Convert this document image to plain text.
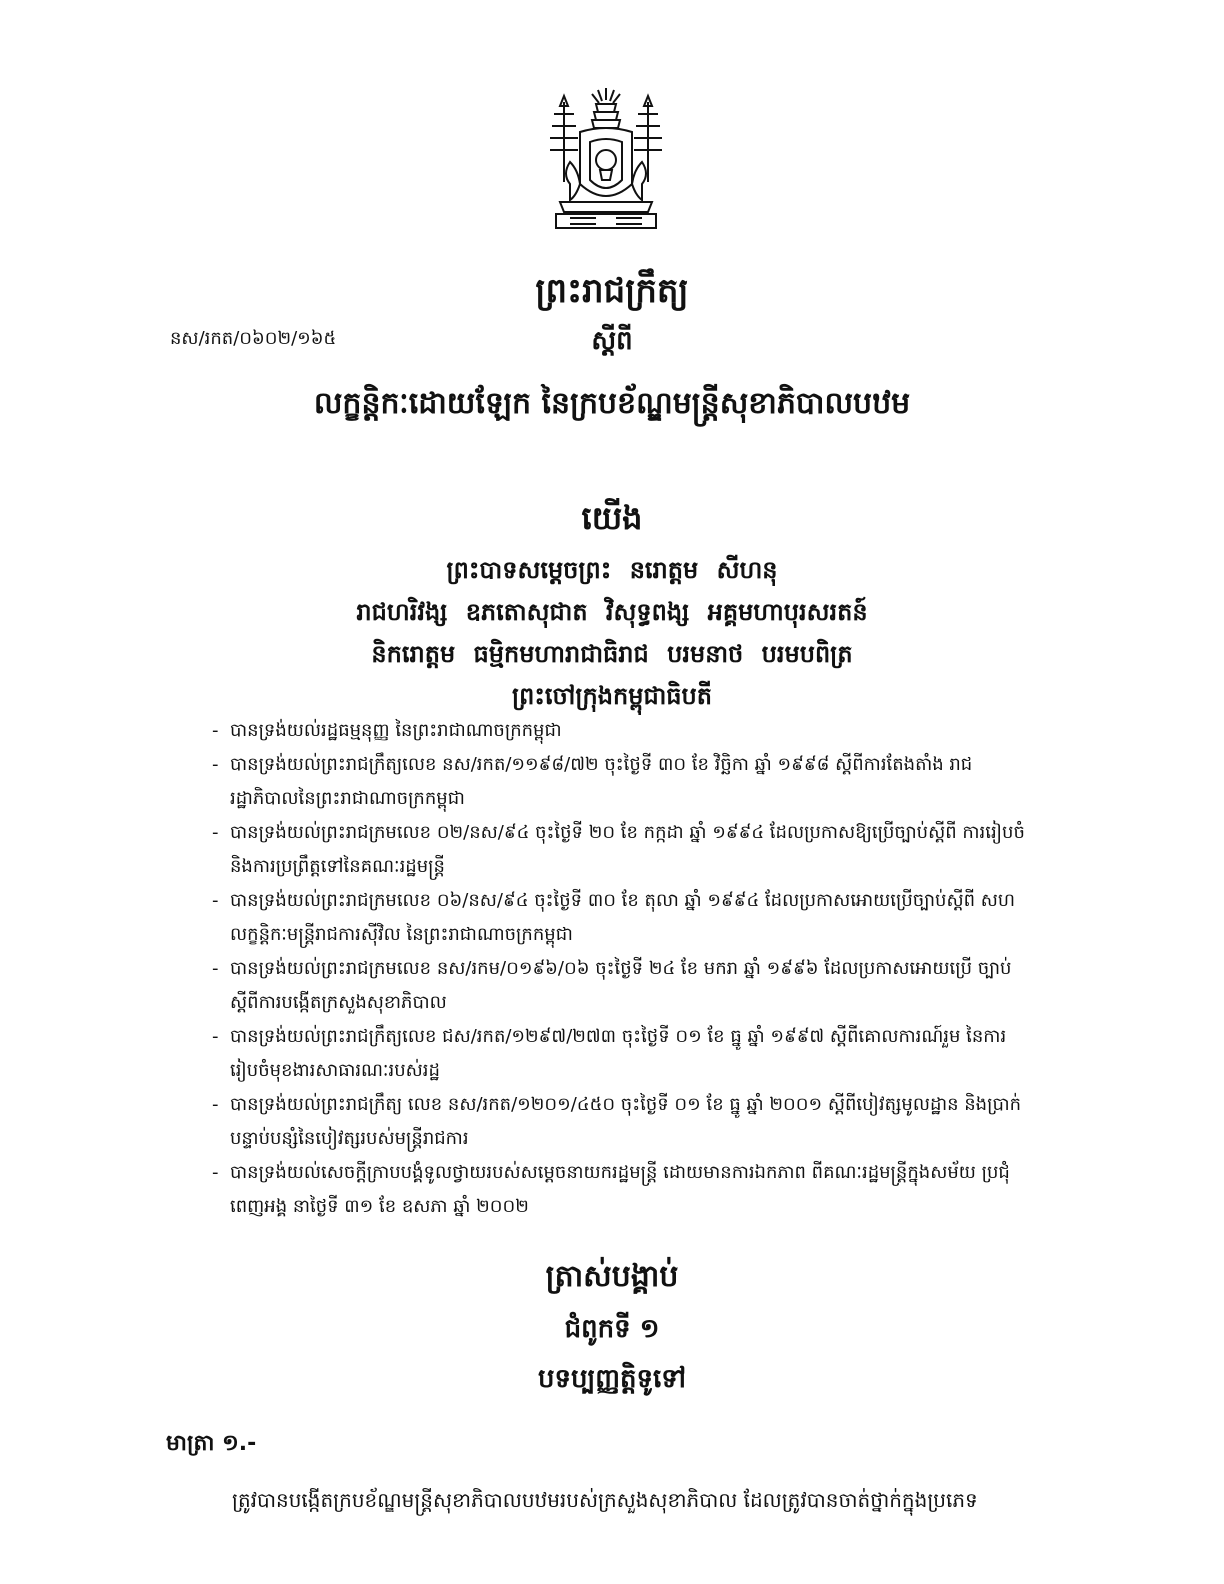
ព្រះរាជក្រឹត្យ
នស/រកត/០៦០២/១៦៥	ស្តីពី
លក្ខន្តិកៈដោយឡែក នៃក្របខ័ណ្ឌមន្ត្រីសុខាភិបាលបឋម
យើង
ព្រះបាទសម្តេចព្រះ នរោត្តម សីហនុ
រាជហរិវង្ស ឧភតោសុជាត វិសុទ្ធពង្ស អគ្គមហាបុរសរតន៍
និករោត្តម ធម្មិកមហារាជាធិរាជ បរមនាថ បរមបពិត្រ
ព្រះចៅក្រុងកម្ពុជាធិបតី
- បានទ្រង់យល់រដ្ឋធម្មនុញ្ញ នៃព្រះរាជាណាចក្រកម្ពុជា
- បានទ្រង់យល់ព្រះរាជក្រឹត្យលេខ នស/រកត/១១៩៨/៧២ ចុះថ្ងៃទី ៣០ ខែ វិច្ឆិកា ឆ្នាំ ១៩៩៨ ស្តីពីការតែងតាំង រាជរដ្ឋាភិបាលនៃព្រះរាជាណាចក្រកម្ពុជា
- បានទ្រង់យល់ព្រះរាជក្រមលេខ ០២/នស/៩៤ ចុះថ្ងៃទី ២០ ខែ កក្កដា ឆ្នាំ ១៩៩៤ ដែលប្រកាសឱ្យប្រើច្បាប់ស្តីពី ការរៀបចំ និងការប្រព្រឹត្តទៅនៃគណៈរដ្ឋមន្ត្រី
- បានទ្រង់យល់ព្រះរាជក្រមលេខ ០៦/នស/៩៤ ចុះថ្ងៃទី ៣០ ខែ តុលា ឆ្នាំ ១៩៩៤ ដែលប្រកាសអោយប្រើច្បាប់ស្តីពី សហលក្ខន្តិកៈមន្ត្រីរាជការស៊ីវិល នៃព្រះរាជាណាចក្រកម្ពុជា
- បានទ្រង់យល់ព្រះរាជក្រមលេខ នស/រកម/០១៩៦/០៦ ចុះថ្ងៃទី ២៤ ខែ មករា ឆ្នាំ ១៩៩៦ ដែលប្រកាសអោយប្រើ ច្បាប់ស្តីពីការបង្កើតក្រសួងសុខាភិបាល
- បានទ្រង់យល់ព្រះរាជក្រឹត្យលេខ ជស/រកត/១២៩៧/២៧៣ ចុះថ្ងៃទី ០១ ខែ ធ្នូ ឆ្នាំ ១៩៩៧ ស្តីពីគោលការណ៍រួម នៃការរៀបចំមុខងារសាធារណៈរបស់រដ្ឋ
- បានទ្រង់យល់ព្រះរាជក្រឹត្យ លេខ នស/រកត/១២០១/៤៥០ ចុះថ្ងៃទី ០១ ខែ ធ្នូ ឆ្នាំ ២០០១ ស្តីពីបៀវត្សមូលដ្ឋាន និងប្រាក់បន្ទាប់បន្សំនៃបៀវត្សរបស់មន្ត្រីរាជការ
- បានទ្រង់យល់សេចក្តីក្រាបបង្គំទូលថ្វាយរបស់សម្តេចនាយករដ្ឋមន្ត្រី ដោយមានការឯកភាព ពីគណៈរដ្ឋមន្ត្រីក្នុងសម័យ ប្រជុំពេញអង្គ នាថ្ងៃទី ៣១ ខែ ឧសភា ឆ្នាំ ២០០២
ត្រាស់បង្គាប់
ជំពូកទី ១
បទប្បញ្ញត្តិទូទៅ
មាត្រា ១.-
ត្រូវបានបង្កើតក្របខ័ណ្ឌមន្ត្រីសុខាភិបាលបឋមរបស់ក្រសួងសុខាភិបាល ដែលត្រូវបានចាត់ថ្នាក់ក្នុងប្រភេទ
